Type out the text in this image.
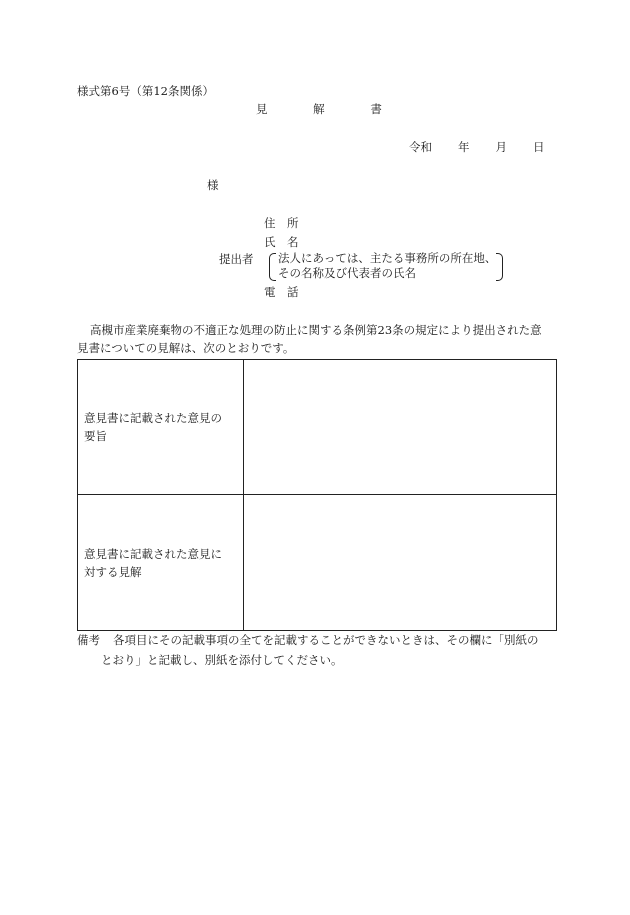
様式第6号（第12条関係）
見	解	書
令和 年 月 日
様
住　所
氏　名
提出者 法人にあっては、主たる事務所の所在地、
その名称及び代表者の氏名
電　話
高槻市産業廃棄物の不適正な処理の防止に関する条例第23条の規定により提出された意
見書についての見解は、次のとおりです。
意見書に記載された意見の
要旨	

意見書に記載された意見に
対する見解	

備考 各項目にその記載事項の全てを記載することができないときは、その欄に「別紙の
とおり」と記載し、別紙を添付してください。
